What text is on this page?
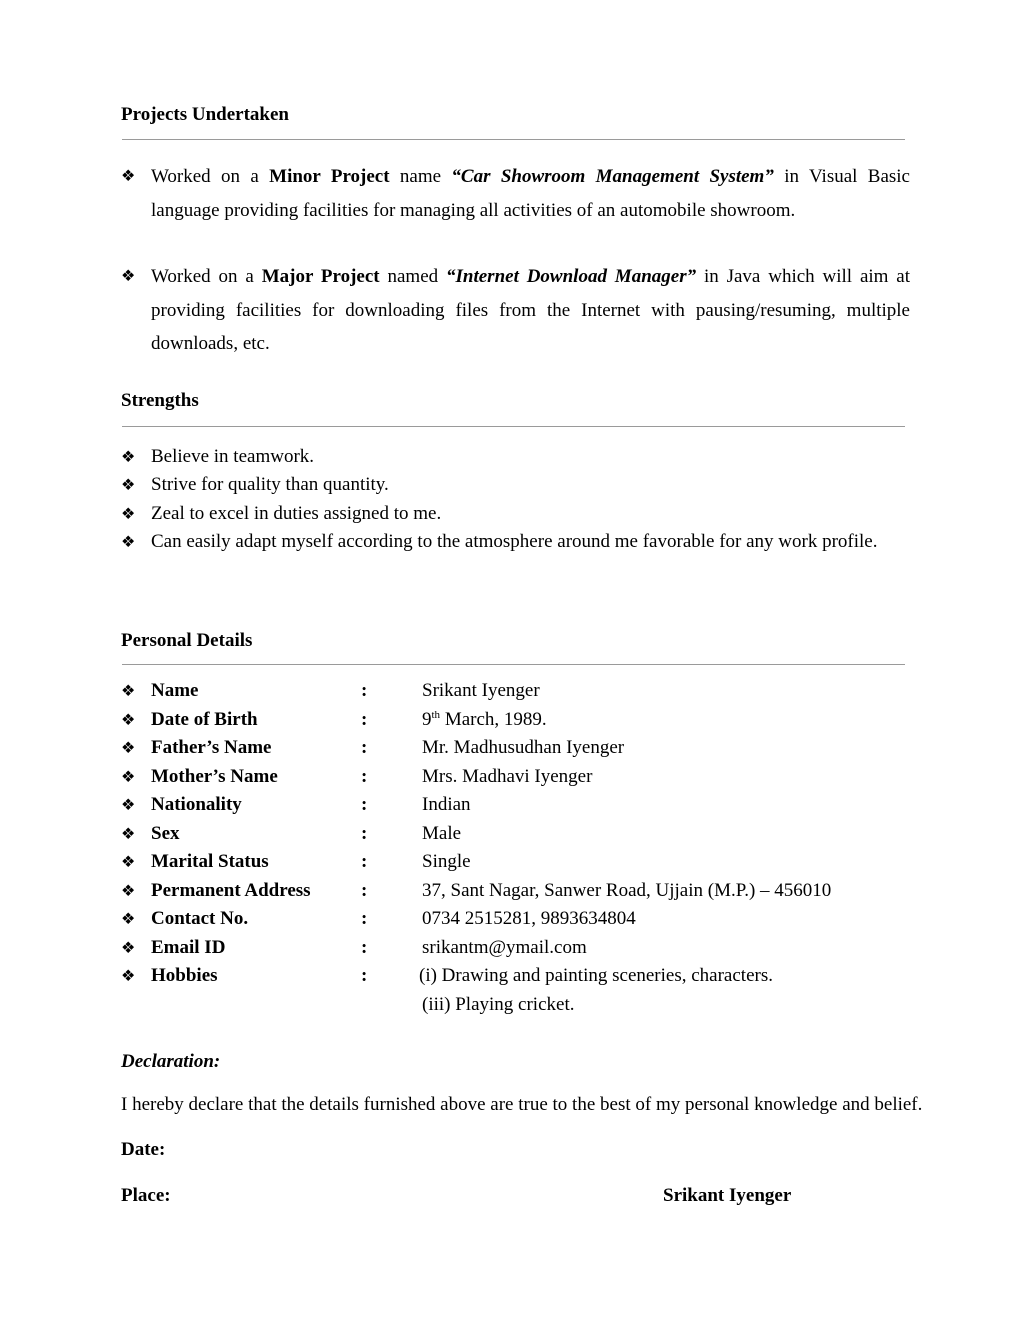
Projects Undertaken
❖ Worked on a Minor Project name “Car Showroom Management System” in Visual Basic language providing facilities for managing all activities of an automobile showroom.
❖ Worked on a Major Project named “Internet Download Manager” in Java which will aim at providing facilities for downloading files from the Internet with pausing/resuming, multiple downloads, etc.
Strengths
❖ Believe in teamwork.
❖ Strive for quality than quantity.
❖ Zeal to excel in duties assigned to me.
❖ Can easily adapt myself according to the atmosphere around me favorable for any work profile.
Personal Details
❖ Name	:	Srikant Iyenger
❖ Date of Birth	:	9th March, 1989.
❖ Father’s Name	:	Mr. Madhusudhan Iyenger
❖ Mother’s Name	:	Mrs. Madhavi Iyenger
❖ Nationality	:	Indian
❖ Sex	:	Male
❖ Marital Status	:	Single
❖ Permanent Address	:	37, Sant Nagar, Sanwer Road, Ujjain (M.P.) – 456010
❖ Contact No.	:	0734 2515281, 9893634804
❖ Email ID	:	srikantm@ymail.com
❖ Hobbies	:	(i) Drawing and painting sceneries, characters.
(iii) Playing cricket.
Declaration:
I hereby declare that the details furnished above are true to the best of my personal knowledge and belief.
Date:
Place:	Srikant Iyenger
